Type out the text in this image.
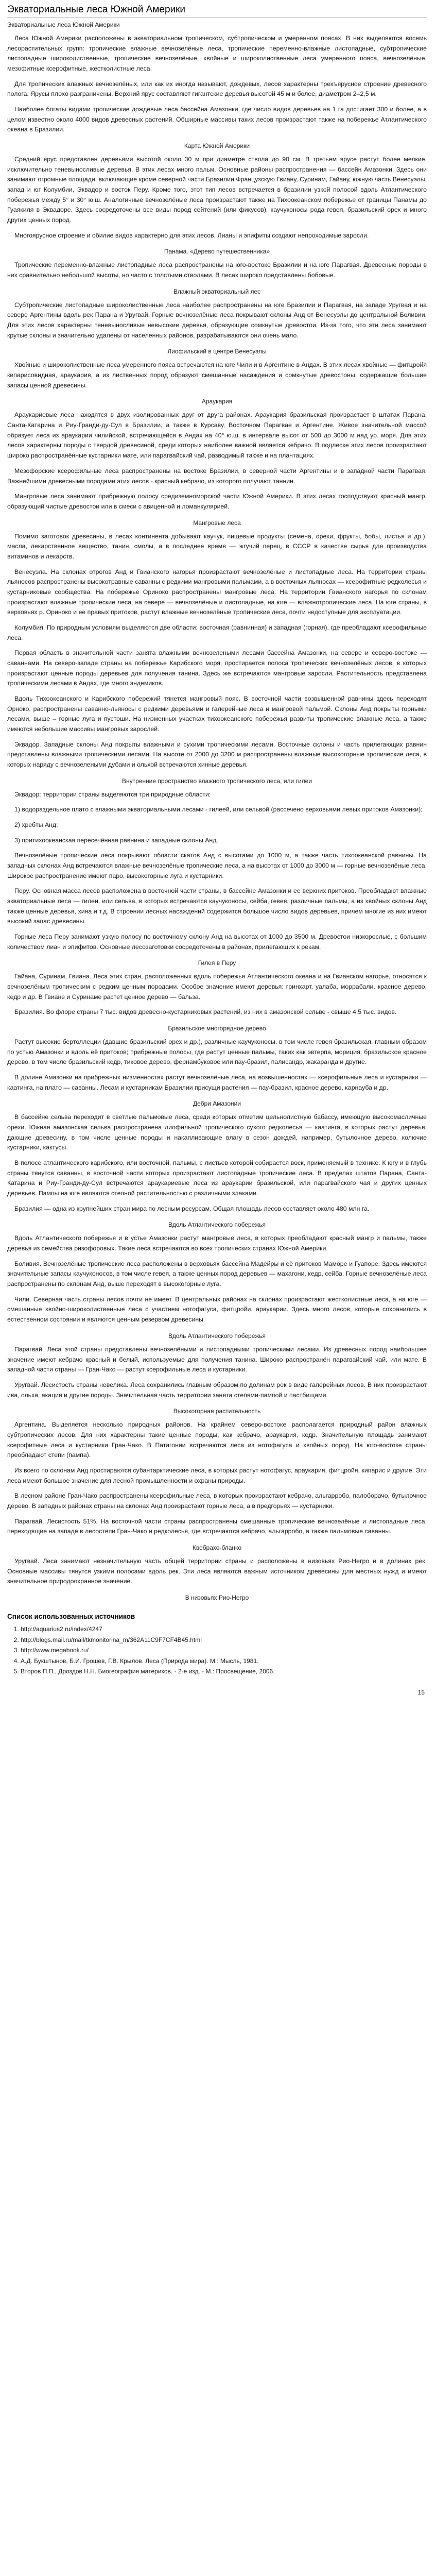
Экваториальные леса Южной Америки
Экваториальные леса Южной Америки

Леса Южной Америки расположены в экваториальном тропическом, субтропическом и умеренном поясах. В них выделяются восемь лесорастительных групп: тропические влажные вечнозелёные леса, тропические переменно-влажные листопадные, субтропические листопадные широколиственные, тропические вечнозелёные, хвойные и широколиственные леса умеренного пояса, вечнозелёные, мезофитные ксерофитные, жестколистные леса.

Для тропических влажных вечнозелёных, или как их иногда называют, дождевых, лесов характерны трехъярусное строение древесного полога. Ярусы плохо разграничены. Верхний ярус составляют гигантские деревья высотой 45 м и более, диаметром 2–2,5 м.

Наиболее богаты видами тропические дождевые леса бассейна Амазонки, где число видов деревьев на 1 га достигает 300 и более, а в целом известно около 4000 видов древесных растений. Обширные массивы таких лесов произрастают также на побережье Атлантического океана в Бразилии.

Карта Южной Америки

Средний ярус представлен деревьями высотой около 30 м при диаметре ствола до 90 см. В третьем ярусе растут более мелкие, исключительно теневыносливые деревья. В этих лесах много пальм. Основные районы распространения — бассейн Амазонки. Здесь они занимают огромные площади, включающие кроме северной части Бразилии Французскую Гвиану, Суринам, Гайану, южную часть Венесуэлы, запад и юг Колумбии, Эквадор и восток Перу. Кроме того, этот тип лесов встречается в бразилии узкой полосой вдоль Атлантического побережья между 5° и 30° ю.ш. Аналогичные вечнозелёные леса произрастают также на Тихоокеанском побережье от границы Панамы до Гуаякиля в Эквадоре. Здесь сосредоточены все виды пород сейтений (или фикусов), каучуконосы рода гевея, бразильский орех и много других ценных пород.

Многоярусное строение и обилие видов характерно для этих лесов. Лианы и эпифиты создают непроходимые заросли.

Панама. «Дерево путешественника»

Тропические переменно-влажные листопадные леса распространены на юго-востоке Бразилии и на юге Парагвая. Древесные породы в них сравнительно небольшой высоты, но часто с толстыми стволами. В лесах широко представлены бобовые.

Влажный экваториальный лес

Субтропические листопадные широколиственные леса наиболее распространены на юге Бразилии и Парагвая, на западе Уругвая и на севере Аргентины вдоль рек Парана и Уругвай. Горные вечнозелёные леса покрывают склоны Анд от Венесуэлы до центральной Боливии. Для этих лесов характерны теневыносливые невысокие деревья, образующие сомкнутые древостои. Из-за того, что эти леса занимают крутые склоны и значительно удалены от населенных районов, разрабатываются они очень мало.

Лиофильский в центре Венесуэлы

Хвойные и широколиственные леса умеренного пояса встречаются на юге Чили и в Аргентине в Андах. В этих лесах хвойные — фитцройя кипарисовидная, араукария, а из лиственных пород образуют смешанные насаждения и сомкнутые древостоны, содержащие большие запасы ценной древесины.

Араукария

Араукариевые леса находятся в двух изолированных друг от друга районах. Араукария бразильская произрастает в штатах Парана, Санта-Катарина и Риу-Гранди-ду-Сул в Бразилии, а также в Курсаву, Восточном Парагвае и Аргентине. Живое значительной массой образует леса из араукарии чилийской, встречающейся в Андах на 40° ю.ш. в интервале высот от 500 до 3000 м над ур. моря. Для этих лесов характерны породы с твердой древесиной, среди которых наиболее важной является кебрачо. В подлеске этих лесов произрастают широко распространённые кустарники мате, или парагвайский чай, разводимый также и на плантациях.

Мезофорские ксерофильные леса распространены на востоке Бразилии, в северной части Аргентины и в западной части Парагвая. Важнейшими древесными породами этих лесов - красный кебрачо, из которого получают таннин.

Мангровые леса занимают прибрежную полосу средиземноморской части Южной Америки. В этих лесах господствуют красный мангр, образующий чистые древостои или в смеси с авиценной и ломанкулярией.

Мангровые леса

Помимо заготовок древесины, в лесах континента добывают каучук, пищевые продукты (семена, орехи, фрукты, бобы, листья и др.), масла, лекарственное вещество, танин, смолы, а в последнее время — жгучий перец, в СССР в качестве сырья для производства витаминов и лекарств.

Венесуэла. На склонах отрогов Анд и Гвианского нагорья произрастают вечнозелёные и листопадные леса. На территории страны льяносов распространены высокотравные саванны с редкими мангровыми пальмами, а в восточных льяносах — ксерофитные редколесья и кустарниковые сообщества. На побережье Ориноко распространены мангровые леса. На территории Гвианского нагорья по склонам произрастают влажные тропические леса, на севере — вечнозелёные и листопадные, на юге — влажнотропические леса. На юге страны, в верховьях р. Ориноко и ее правых притоков, растут влажные вечнозелёные тропические леса, почти недоступные для эксплуатации.

Колумбия. По природным условиям выделяются две области: восточная (равнинная) и западная (горная), где преобладают ксерофильные леса.

Первая область в значительной части занята влажными вечнозелеными лесами бассейна Амазонки, на севере и северо-востоке — саваннами. На северо-западе страны на побережье Карибского моря, простирается полоса тропических вечнозелёных лесов, в которых произрастают ценные породы деревьев для получения танина. Здесь же встречаются мангровые заросли. Растительность представлена тропическими лесами в Андах, где много эндемиков.

Вдоль Тихоокеанского и Карибского побережий тянется мангровый пояс. В восточной части возвышенной равнины здесь переходят Орноко, распространены саванно-льяносы с редкими деревьями и галерейные леса и мангровой пальмой. Склоны Анд покрыты горными лесами, выше ‒ горные луга и пустоши. На низменных участках тихоокеанского побережья развиты тропические влажные леса, а также имеются небольшие массивы мангровых зарослей.

Эквадор. Западные склоны Анд покрыты влажными и сухими тропическими лесами. Восточные склоны и часть прилегающих равнин представлены влажными тропическими лесами. На высоте от 2000 до 3200 м распространены влажные высокогорные тропические леса, в которых наряду с вечнозелеными дубами и ольхой встречаются хинные деревья.

Внутренние пространство влажного тропического леса, или гилеи

Эквадор: территории страны выделяются три природные области:

1) водораздельное плато с влажными экваториальными лесами - гилеей, или сельвой (рассечено верховьями левых притоков Амазонки);

2) хребты Анд;

3) притихоокеанская пересечённая равнина и западные склоны Анд.

Вечнозелёные тропические леса покрывают области скатов Анд с высотами до 1000 м, а также часть тихоокеанской равнины. На западных склонах Анд встречаются влажные вечнозелёные тропические леса, а на высотах от 1000 до 3000 м — горные вечнозелёные леса. Широкое распространение имеют паро, высокогорные луга и кустарники.

Перу. Основная масса лесов расположена в восточной части страны, в бассейне Амазонки и ее верхних притоков. Преобладают влажные экваториальные леса — гилеи, или сельва, в которых встречаются каучуконосы, сейба, гевея, различные пальмы, а из хвойных склоны Анд также ценные деревья, хина и т.д. В строении лесных насаждений содержится большое число видов деревьев, причем многие из них имеют высокий запас древесины.

Горные леса Перу занимают узкую полосу по восточному склону Анд на высотах от 1000 до 3500 м. Древостои низкорослые, с большим количеством лиан и эпифитов. Основные лесозаготовки сосредоточены в районах, прилегающих к рекам.

Гилея в Перу

Гайана, Суринам, Гвиана. Леса этих стран, расположенных вдоль побережья Атлантического океана и на Гвианском нагорье, относятся к вечнозелёным тропическим с редким ценным породами. Особое значение имеют деревья: гринхарт, уалаба, моррабали, красное дерево, кедр и др. В Гвиане и Суринаме растет ценное дерево — бальза.

Бразилия. Во флоре страны 7 тыс. видов древесно-кустарниковых растений, из них в амазонской сельве - свыше 4,5 тыс. видов.

Бразильское многорядное дерево

Растут высокие бертоллеции (давшие бразильский орех и др.), различные каучуконосы, в том числе гевея бразильская, главным образом по устью Амазонки и вдоль её притоков; прибрежные полосы, где растут ценные пальмы, таких как эвтерпа, мориция, бразильское красное дерево, в том числе бразильский кедр, тиковое дерево, фернамбуковое или пау-бразил, палисандр, жакаранда и другие.

В долине Амазонки на прибрежных низменностях растут вечнозелёные леса, на возвышенностях — ксерофильные леса и кустарники — каатинга, на плато — саванны. Лесам и кустарникам Бразилии присущи растения — пау-бразил, красное дерево, карнауба и др.

Дебри Амазонии

В бассейне сельва переходит в светлые пальмовые леса, среди которых отметим цельнолистную бабассу, имеющую высокомасличные орехи. Южная амазонская сельва распространена лиофильной тропического сухого редколесья — каатинга, в которых растут деревья, дающие древесину, в том числе ценные породы и накапливающие влагу в сезон дождей, например, бутылочное дерево, колючие кустарники, кактусы.

В полосе атлантического карибского, или восточной, пальмы, с листьев которой собирается воск, применяемый в технике. К югу и в глубь страны тянутся саванны, в восточной части которых произрастают листопадные тропические леса. В пределах штатов Парана, Санта-Катарина и Риу-Гранди-ду-Сул встречаются араукариевые леса из араукарии бразильской, или парагвайского чая и других ценных деревьев. Пампы на юге являются степной растительностью с различными злаками.

Бразилия — одна из крупнейших стран мира по лесным ресурсам. Общая площадь лесов составляет около 480 млн га.

Вдоль Атлантического побережья

Вдоль Атлантического побережья и в устье Амазонки растут мангровые леса, в которых преобладают красный мангр и пальмы, также деревья из семейства ризофоровых. Такие леса встречаются во всех тропических странах Южной Америки.

Боливия. Вечнозелёные тропические леса расположены в верховьях бассейна Мадейры и её притоков Маморе и Гуапоре. Здесь имеются значительные запасы каучуконосов, в том числе гевея, а также ценных пород деревьев — махагони, кедр, сейба. Горные вечнозелёные леса распространены по склонам Анд, выше переходят в высокогорные луга.

Чили. Северная часть страны лесов почти не имеет. В центральных районах на склонах произрастают жестколистные леса, а на юге — смешанные хвойно-широколиственные леса с участием нотофагуса, фитцройи, араукарии. Здесь много лесов, которые сохранились в естественном состоянии и являются ценным резервом древесины.

Вдоль Атлантического побережья

Парагвай. Леса этой страны представлены вечнозелёными и листопадными тропическими лесами. Из древесных пород наибольшее значение имеют кебрачо красный и белый, используемые для получения танина. Широко распространён парагвайский чай, или мате. В западной части страны — Гран-Чако — растут ксерофильные леса и кустарники.

Уругвай. Лесистость страны невелика. Леса сохранились главным образом по долинам рек в виде галерейных лесов. В них произрастают ива, ольха, акация и другие породы. Значительная часть территории занята степями-пампой и пастбищами.

Высокогорная растительность

Аргентина. Выделяется несколько природных районов. На крайнем северо-востоке располагается природный район влажных субтропических лесов. Для них характерны такие ценные породы, как кебрачо, араукария, кедр. Значительную площадь занимают ксерофитные леса и кустарники Гран-Чако. В Патагонии встречаются леса из нотофагуса и хвойных пород. На юго-востоке страны преобладают степи (пампа).

Из всего по склонам Анд простираются субантарктические леса, в которых растут нотофагус, араукария, фитцройя, кипарис и другие. Эти леса имеют большое значение для лесной промышленности и охраны природы.

В лесном районе Гран-Чако распространены ксерофильные леса, в которых произрастают кебрачо, альгарробо, палоборачо, бутылочное дерево. В западных районах страны на склонах Анд произрастают горные леса, а в предгорьях — кустарники.

Парагвай. Лесистость 51%. На восточной части страны распространены смешанные тропические вечнозелёные и листопадные леса, переходящие на западе в лесостепи Гран-Чако и редколесья, где встречаются кебрачо, альгарробо, а также пальмовые саванны.

Квебрахо-бланко

Уругвай. Леса занимают незначительную часть общей территории страны и расположены в низовьях Рио-Негро и в долинах рек. Основные массивы тянутся узкими полосами вдоль рек. Эти леса являются важным источником древесины для местных нужд и имеют значительное природоохранное значение.

В низовьях Рио-Негро
Список использованных источников
1. http://aquarius2.ru/index/4247
2. http://blogs.mail.ru/mail/tkmonitorina_m/362A11C9F7CF4B45.html
3. http://www.megabook.ru/
4. А.Д. Букштынов, Б.И. Грошев, Г.В. Крылов. Леса (Природа мира). М.: Мысль, 1981.
5. Второв П.П., Дроздов Н.Н. Биогеография материков. - 2-е изд. - М.: Просвещение, 2006.
15
